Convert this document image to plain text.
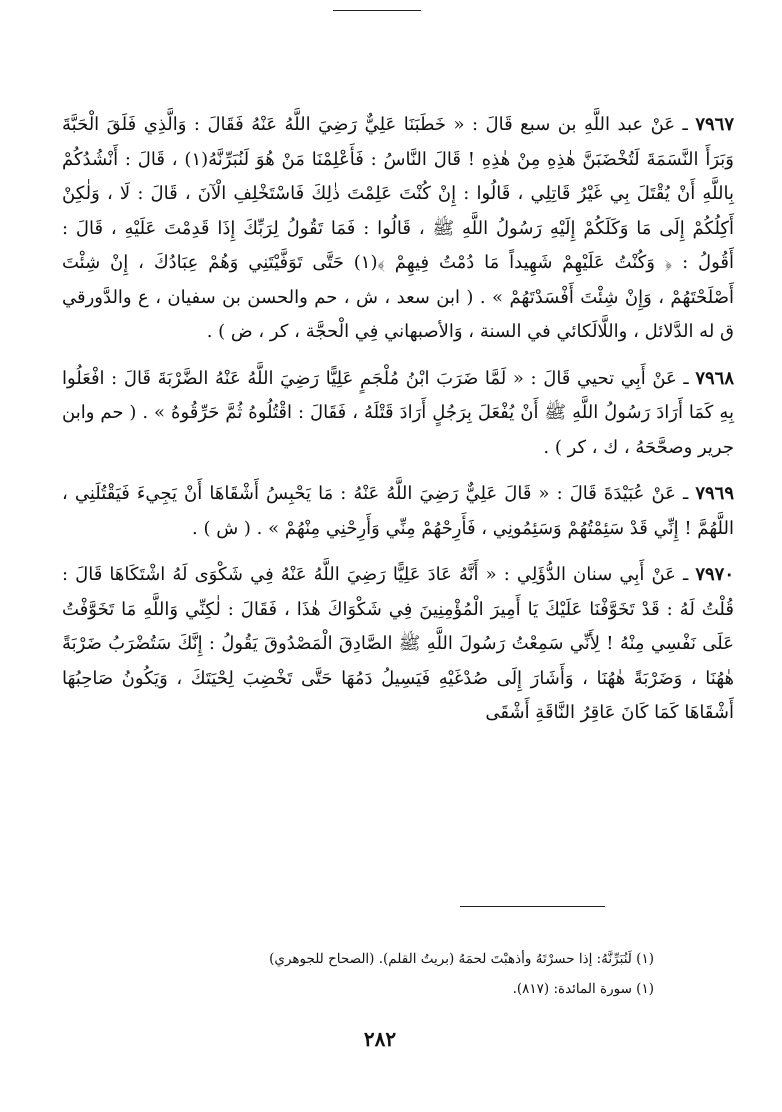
٧٩٦٧ ـ عَنْ عبد اللَّهِ بن سبع قَالَ : « خَطَبَنَا عَلِيٌّ رَضِيَ اللَّهُ عَنْهُ فَقَالَ : وَالَّذِي فَلَقَ الْحَبَّةَ وَبَرَأَ النَّسَمَةَ لَتُخْضَبَنَّ هٰذِهِ مِنْ هٰذِهِ ! قَالَ النَّاسُ : فَأَعْلِمْنَا مَنْ هُوَ لَنُبَرِّنَّهُ(١) ، قَالَ : أَنْشُدُكُمْ بِاللَّهِ أَنْ يُقْتَلَ بِي غَيْرُ قَاتِلِي ، قَالُوا : إِنْ كُنْتَ عَلِمْتَ ذٰلِكَ فَاسْتَخْلِفِ الْآنَ ، قَالَ : لَا ، وَلٰكِنْ أَكِلُكُمْ إِلَى مَا وَكَلَكُمْ إِلَيْهِ رَسُولُ اللَّهِ ﷺ ، قَالُوا : فَمَا تَقُولُ لِرَبِّكَ إِذَا قَدِمْتَ عَلَيْهِ ، قَالَ : أَقُولُ : ﴿ وَكُنْتُ عَلَيْهِمْ شَهِيداً مَا دُمْتُ فِيهِمْ ﴾(١) حَتَّى تَوَفَّيْتَنِي وَهُمْ عِبَادُكَ ، إِنْ شِئْتَ أَصْلَحْتَهُمْ ، وَإِنْ شِئْتَ أَفْسَدْتَهُمْ » . ( ابن سعد ، ش ، حم والحسن بن سفيان ، ع والدَّورقي ق له الدَّلائل ، واللَّالَكائي في السنة ، وَالأصبهاني فِي الْحجَّة ، كر ، ض ) .

٧٩٦٨ ـ عَنْ أَبِي تحيي قَالَ : « لَمَّا ضَرَبَ ابْنُ مُلْجَمٍ عَلِيًّا رَضِيَ اللَّهُ عَنْهُ الضَّرْبَةَ قَالَ : افْعَلُوا بِهِ كَمَا أَرَادَ رَسُولُ اللَّهِ ﷺ أَنْ يُفْعَلَ بِرَجُلٍ أَرَادَ قَتْلَهُ ، فَقَالَ : اقْتُلُوهُ ثُمَّ حَرِّقُوهُ » . ( حم وابن جرير وصحَّحَهُ ، ك ، كر ) .

٧٩٦٩ ـ عَنْ عُبَيْدَةَ قَالَ : « قَالَ عَلِيٌّ رَضِيَ اللَّهُ عَنْهُ : مَا يَحْبِسُ أَشْقَاهَا أَنْ يَجِيءَ فَيَقْتُلَنِي ، اللَّهُمَّ ! إِنِّي قَدْ سَئِمْتُهُمْ وَسَئِمُونِي ، فَأَرِحْهُمْ مِنِّي وَأَرِحْنِي مِنْهُمْ » . ( ش ) .

٧٩٧٠ ـ عَنْ أَبِي سنان الدُّؤَلِي : « أَنَّهُ عَادَ عَلِيًّا رَضِيَ اللَّهُ عَنْهُ فِي شَكْوَى لَهُ اشْتَكَاهَا قَالَ : قُلْتُ لَهُ : قَدْ تَخَوَّفْنَا عَلَيْكَ يَا أَمِيرَ الْمُؤْمِنِينَ فِي شَكْوَاكَ هٰذَا ، فَقَالَ : لٰكِنِّي وَاللَّهِ مَا تَخَوَّفْتُ عَلَى نَفْسِي مِنْهُ ! لِأَنِّي سَمِعْتُ رَسُولَ اللَّهِ ﷺ الصَّادِقَ الْمَصْدُوقَ يَقُولُ : إِنَّكَ سَتُضْرَبُ ضَرْبَةً هٰهُنَا ، وَضَرْبَةً هٰهُنَا ، وَأَشَارَ إِلَى صُدْغَيْهِ فَيَسِيلُ دَمُهَا حَتَّى تَخْضِبَ لِحْيَتَكَ ، وَيَكُونُ صَاحِبُهَا أَشْقَاهَا كَمَا كَانَ عَاقِرُ النَّاقَةِ أَشْقَى

(١) لَنُبَرِّنَّهُ: إذا حسرْتَهُ وأذهبْتَ لحمَهُ (بريتُ القلم). (الصحاح للجوهري)

(١) سورة المائدة: (٨١٧).

٢٨٢
